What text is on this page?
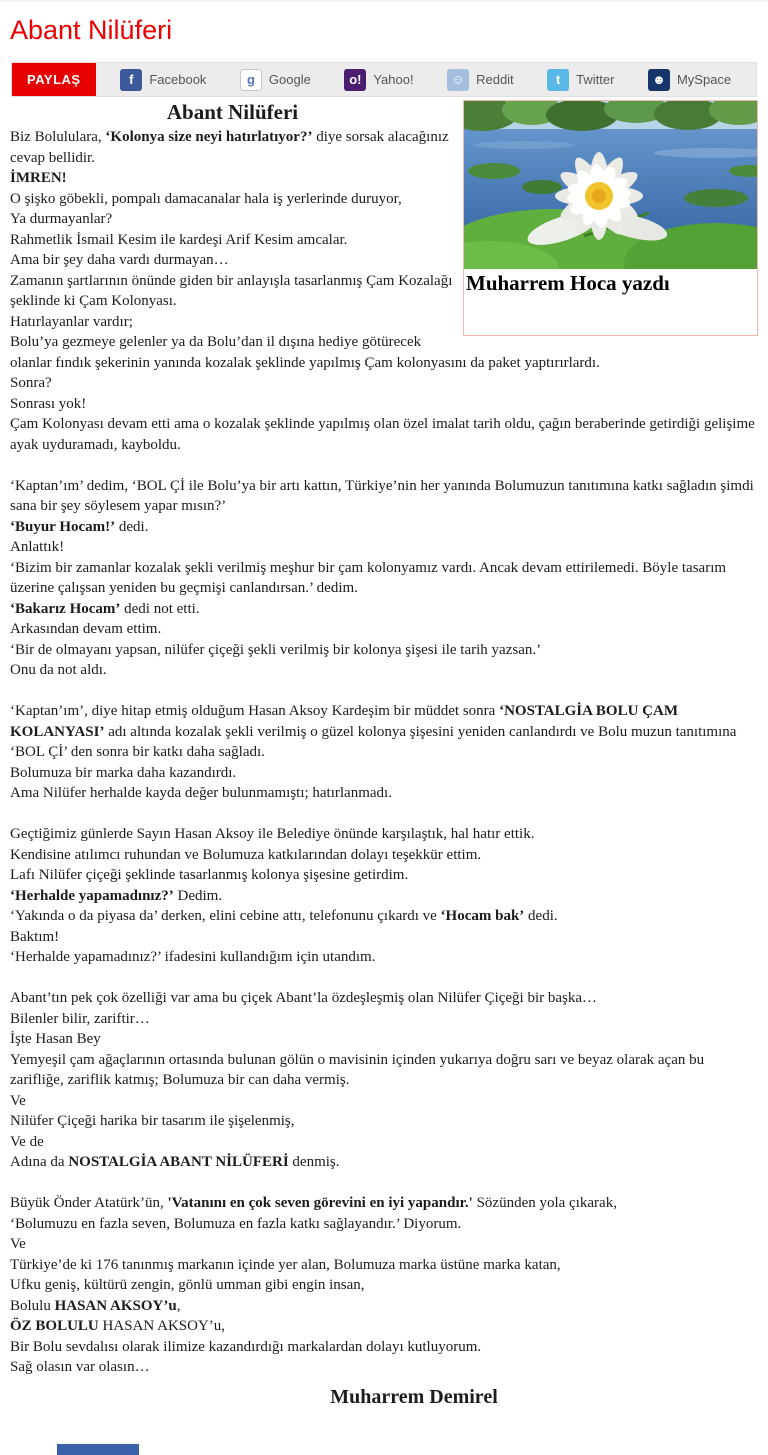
Abant Nilüferi
PAYLAŞ	f	Facebook	g	Google	o! Yahoo!	☺ Reddit	t	Twitter	☻ MySpace
Muharrem Hoca yazdı
Abant Nilüferi
Biz Bolululara, ‘Kolonya size neyi hatırlatıyor?’ diye sorsak alacağınız cevap bellidir.
İMREN!
O şişko göbekli, pompalı damacanalar hala iş yerlerinde duruyor,
Ya durmayanlar?
Rahmetlik İsmail Kesim ile kardeşi Arif Kesim amcalar.
Ama bir şey daha vardı durmayan…
Zamanın şartlarının önünde giden bir anlayışla tasarlanmış Çam Kozalağı şeklinde ki Çam Kolonyası.
Hatırlayanlar vardır;
Bolu’ya gezmeye gelenler ya da Bolu’dan il dışına hediye götürecek olanlar fındık şekerinin yanında kozalak şeklinde yapılmış Çam kolonyasını da paket yaptırırlardı.
Sonra?
Sonrası yok!
Çam Kolonyası devam etti ama o kozalak şeklinde yapılmış olan özel imalat tarih oldu, çağın beraberinde getirdiği gelişime ayak uyduramadı, kayboldu.

‘Kaptan’ım’ dedim, ‘BOL Çİ ile Bolu’ya bir artı kattın, Türkiye’nin her yanında Bolumuzun tanıtımına katkı sağladın şimdi sana bir şey söylesem yapar mısın?’
‘Buyur Hocam!’ dedi.
Anlattık!
‘Bizim bir zamanlar kozalak şekli verilmiş meşhur bir çam kolonyamız vardı. Ancak devam ettirilemedi. Böyle tasarım üzerine çalışsan yeniden bu geçmişi canlandırsan.’ dedim.
‘Bakarız Hocam’ dedi not etti.
Arkasından devam ettim.
‘Bir de olmayanı yapsan, nilüfer çiçeği şekli verilmiş bir kolonya şişesi ile tarih yazsan.’
Onu da not aldı.

‘Kaptan’ım’, diye hitap etmiş olduğum Hasan Aksoy Kardeşim bir müddet sonra ‘NOSTALGİA BOLU ÇAM KOLANYASI’ adı altında kozalak şekli verilmiş o güzel kolonya şişesini yeniden canlandırdı ve Bolu muzun tanıtımına ‘BOL Çİ’ den sonra bir katkı daha sağladı.
Bolumuza bir marka daha kazandırdı.
Ama Nilüfer herhalde kayda değer bulunmamıştı; hatırlanmadı.

Geçtiğimiz günlerde Sayın Hasan Aksoy ile Belediye önünde karşılaştık, hal hatır ettik.
Kendisine atılımcı ruhundan ve Bolumuza katkılarından dolayı teşekkür ettim.
Lafı Nilüfer çiçeği şeklinde tasarlanmış kolonya şişesine getirdim.
‘Herhalde yapamadınız?’ Dedim.
‘Yakında o da piyasa da’ derken, elini cebine attı, telefonunu çıkardı ve ‘Hocam bak’ dedi.
Baktım!
‘Herhalde yapamadınız?’ ifadesini kullandığım için utandım.

Abant’tın pek çok özelliği var ama bu çiçek Abant’la özdeşleşmiş olan Nilüfer Çiçeği bir başka…
Bilenler bilir, zariftir…
İşte Hasan Bey
Yemyeşil çam ağaçlarının ortasında bulunan gölün o mavisinin içinden yukarıya doğru sarı ve beyaz olarak açan bu zarifliğe, zariflik katmış; Bolumuza bir can daha vermiş.
Ve
Nilüfer Çiçeği harika bir tasarım ile şişelenmiş,
Ve de
Adına da NOSTALGİA ABANT NİLÜFERİ denmiş.

Büyük Önder Atatürk’ün, 'Vatanını en çok seven görevini en iyi yapandır.' Sözünden yola çıkarak,
‘Bolumuzu en fazla seven, Bolumuza en fazla katkı sağlayandır.’ Diyorum.
Ve
Türkiye’de ki 176 tanınmış markanın içinde yer alan, Bolumuza marka üstüne marka katan,
Ufku geniş, kültürü zengin, gönlü umman gibi engin insan,
Bolulu HASAN AKSOY’u,
ÖZ BOLULU HASAN AKSOY’u,
Bir Bolu sevdalısı olarak ilimize kazandırdığı markalardan dolayı kutluyorum.
Sağ olasın var olasın…
Muharrem Demirel
